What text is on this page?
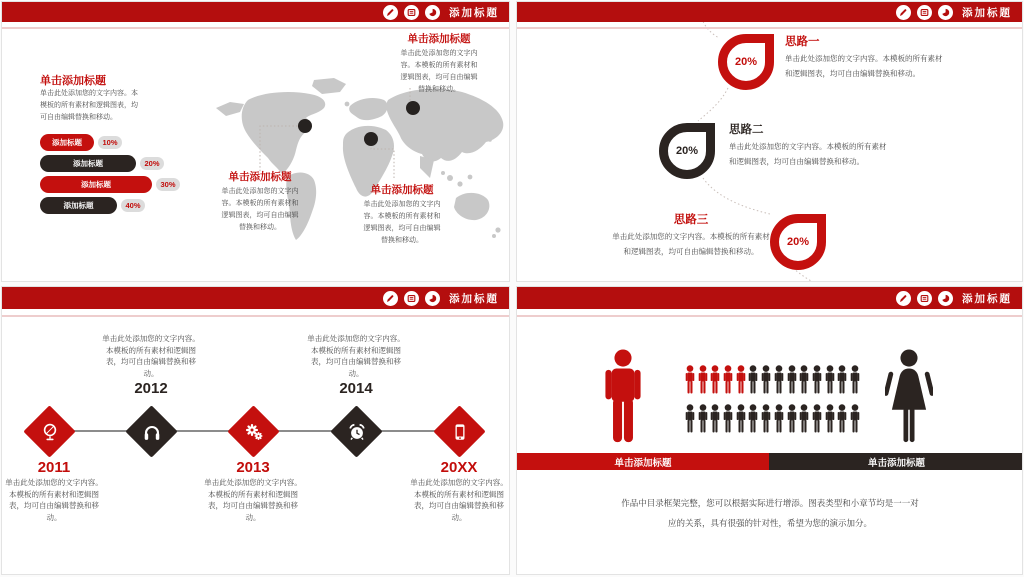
添加标题
单击添加标题
单击此处添加您的文字内容。本模板的所有素材和逻辑图表，均可自由编辑替换和移动。
添加标题	10%
添加标题	20%
添加标题	30%
添加标题	40%
单击添加标题
单击此处添加您的文字内容。本模板的所有素材和逻辑图表，均可自由编辑替换和移动。
单击添加标题
单击此处添加您的文字内容。本模板的所有素材和逻辑图表，均可自由编辑替换和移动。
单击添加标题
单击此处添加您的文字内容。本模板的所有素材和逻辑图表，均可自由编辑替换和移动。
添加标题
20%
20%
20%
思路一
单击此处添加您的文字内容。本模板的所有素材和逻辑图表，均可自由编辑替换和移动。
思路二
单击此处添加您的文字内容。本模板的所有素材和逻辑图表，均可自由编辑替换和移动。
思路三
单击此处添加您的文字内容。本模板的所有素材和逻辑图表，均可自由编辑替换和移动。
添加标题
单击此处添加您的文字内容。本模板的所有素材和逻辑图表，均可自由编辑替换和移动。
2012
单击此处添加您的文字内容。本模板的所有素材和逻辑图表，均可自由编辑替换和移动。
2014
2011
单击此处添加您的文字内容。本模板的所有素材和逻辑图表，均可自由编辑替换和移动。
2013
单击此处添加您的文字内容。本模板的所有素材和逻辑图表，均可自由编辑替换和移动。
20XX
单击此处添加您的文字内容。本模板的所有素材和逻辑图表，均可自由编辑替换和移动。
添加标题
单击添加标题	单击添加标题
作品中目录框架完整，您可以根据实际进行增添。图表类型和小章节均是一一对应的关系，具有很强的针对性，希望为您的演示加分。
